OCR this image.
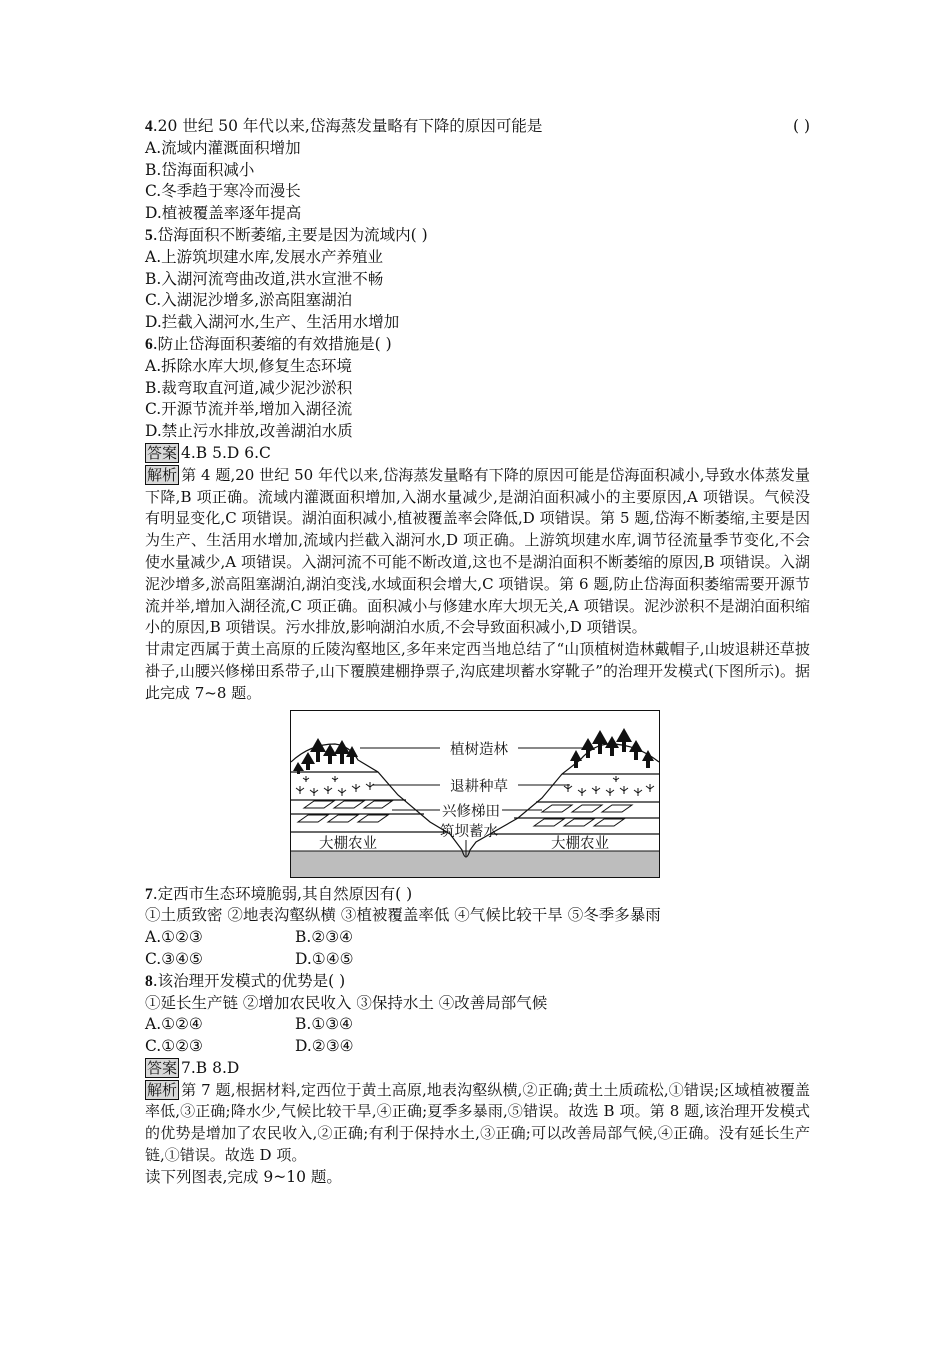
4.20 世纪 50 年代以来,岱海蒸发量略有下降的原因可能是	( )
A.流域内灌溉面积增加
B.岱海面积减小
C.冬季趋于寒冷而漫长
D.植被覆盖率逐年提高
5.岱海面积不断萎缩,主要是因为流域内( )
A.上游筑坝建水库,发展水产养殖业
B.入湖河流弯曲改道,洪水宣泄不畅
C.入湖泥沙增多,淤高阻塞湖泊
D.拦截入湖河水,生产、生活用水增加
6.防止岱海面积萎缩的有效措施是( )
A.拆除水库大坝,修复生态环境
B.裁弯取直河道,减少泥沙淤积
C.开源节流并举,增加入湖径流
D.禁止污水排放,改善湖泊水质
答案 4.B 5.D 6.C
解析 第 4 题,20 世纪 50 年代以来,岱海蒸发量略有下降的原因可能是岱海面积减小,导致水体蒸发量下降,B 项正确。流域内灌溉面积增加,入湖水量减少,是湖泊面积减小的主要原因,A 项错误。气候没有明显变化,C 项错误。湖泊面积减小,植被覆盖率会降低,D 项错误。第 5 题,岱海不断萎缩,主要是因为生产、生活用水增加,流域内拦截入湖河水,D 项正确。上游筑坝建水库,调节径流量季节变化,不会使水量减少,A 项错误。入湖河流不可能不断改道,这也不是湖泊面积不断萎缩的原因,B 项错误。入湖泥沙增多,淤高阻塞湖泊,湖泊变浅,水域面积会增大,C 项错误。第 6 题,防止岱海面积萎缩需要开源节流并举,增加入湖径流,C 项正确。面积减小与修建水库大坝无关,A 项错误。泥沙淤积不是湖泊面积缩小的原因,B 项错误。污水排放,影响湖泊水质,不会导致面积减小,D 项错误。
甘肃定西属于黄土高原的丘陵沟壑地区,多年来定西当地总结了“山顶植树造林戴帽子,山坡退耕还草披褂子,山腰兴修梯田系带子,山下覆膜建棚挣票子,沟底建坝蓄水穿靴子”的治理开发模式(下图所示)。据此完成 7~8 题。
植树造林
退耕种草
兴修梯田
筑坝蓄水
大棚农业	大棚农业
7.定西市生态环境脆弱,其自然原因有( )
①土质致密 ②地表沟壑纵横 ③植被覆盖率低 ④气候比较干旱 ⑤冬季多暴雨
A.①②③	B.②③④
C.③④⑤	D.①④⑤
8.该治理开发模式的优势是( )
①延长生产链 ②增加农民收入 ③保持水土 ④改善局部气候
A.①②④	B.①③④
C.①②③	D.②③④
答案 7.B 8.D
解析 第 7 题,根据材料,定西位于黄土高原,地表沟壑纵横,②正确;黄土土质疏松,①错误;区域植被覆盖率低,③正确;降水少,气候比较干旱,④正确;夏季多暴雨,⑤错误。故选 B 项。第 8 题,该治理开发模式的优势是增加了农民收入,②正确;有利于保持水土,③正确;可以改善局部气候,④正确。没有延长生产链,①错误。故选 D 项。
读下列图表,完成 9~10 题。
